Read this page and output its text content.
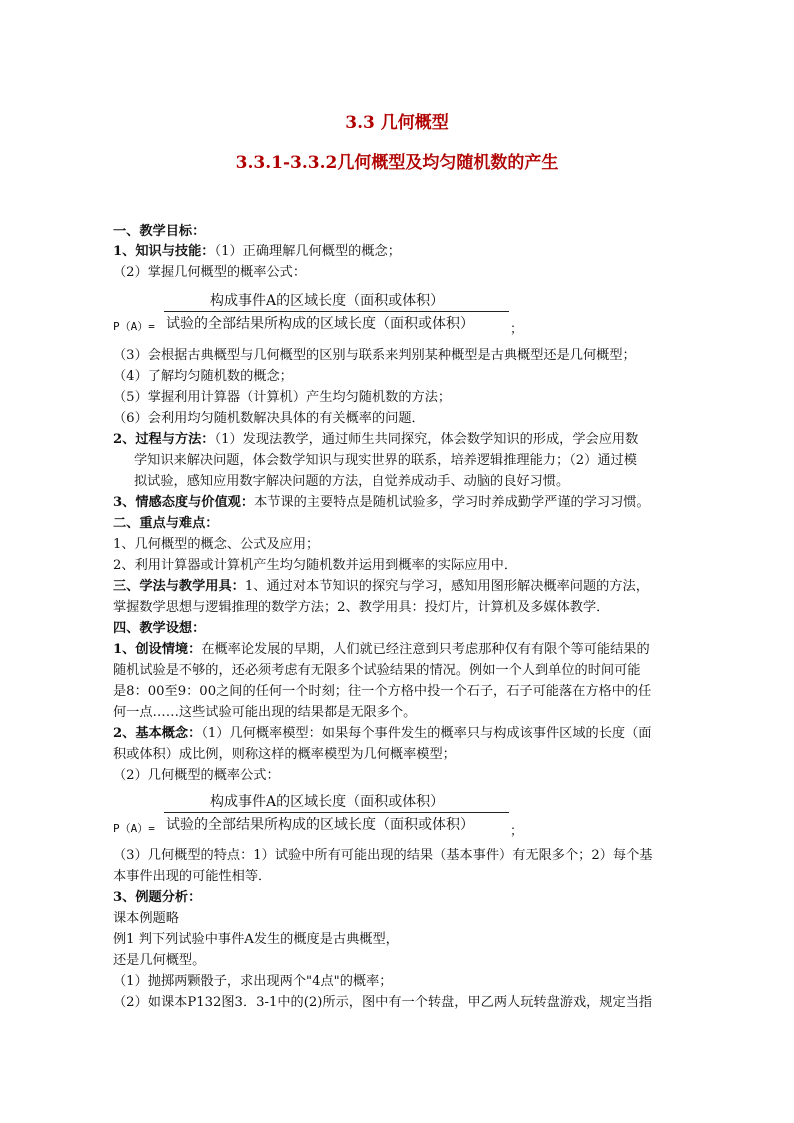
3.3 几何概型
3.3.1-3.3.2几何概型及均匀随机数的产生
一、教学目标：
1、知识与技能：（1）正确理解几何概型的概念；
（2）掌握几何概型的概率公式：
构成事件A的区域长度（面积或体积）
P（A）= 试验的全部结果所构成的区域长度（面积或体积）	；
（3）会根据古典概型与几何概型的区别与联系来判别某种概型是古典概型还是几何概型；
（4）了解均匀随机数的概念；
（5）掌握利用计算器（计算机）产生均匀随机数的方法；
（6）会利用均匀随机数解决具体的有关概率的问题．
2、过程与方法：（1）发现法教学，通过师生共同探究，体会数学知识的形成，学会应用数
学知识来解决问题，体会数学知识与现实世界的联系，培养逻辑推理能力；（2）通过模
拟试验，感知应用数字解决问题的方法，自觉养成动手、动脑的良好习惯。
3、情感态度与价值观：本节课的主要特点是随机试验多，学习时养成勤学严谨的学习习惯。
二、重点与难点：
1、几何概型的概念、公式及应用；
2、利用计算器或计算机产生均匀随机数并运用到概率的实际应用中．
三、学法与教学用具：1、通过对本节知识的探究与学习，感知用图形解决概率问题的方法，
掌握数学思想与逻辑推理的数学方法；2、教学用具：投灯片，计算机及多媒体教学．
四、教学设想：
1、创设情境：在概率论发展的早期，人们就已经注意到只考虑那种仅有有限个等可能结果的
随机试验是不够的，还必须考虑有无限多个试验结果的情况。例如一个人到单位的时间可能
是8：00至9：00之间的任何一个时刻；往一个方格中投一个石子，石子可能落在方格中的任
何一点……这些试验可能出现的结果都是无限多个。
2、基本概念：（1）几何概率模型：如果每个事件发生的概率只与构成该事件区域的长度（面
积或体积）成比例，则称这样的概率模型为几何概率模型；
（2）几何概型的概率公式：
构成事件A的区域长度（面积或体积）
P（A）= 试验的全部结果所构成的区域长度（面积或体积）	；
（3）几何概型的特点：1）试验中所有可能出现的结果（基本事件）有无限多个；2）每个基
本事件出现的可能性相等．
3、例题分析：
课本例题略
例1 判下列试验中事件A发生的概度是古典概型，
还是几何概型。
（1）抛掷两颗骰子，求出现两个"4点"的概率；
（2）如课本P132图3．3-1中的(2)所示，图中有一个转盘，甲乙两人玩转盘游戏，规定当指
